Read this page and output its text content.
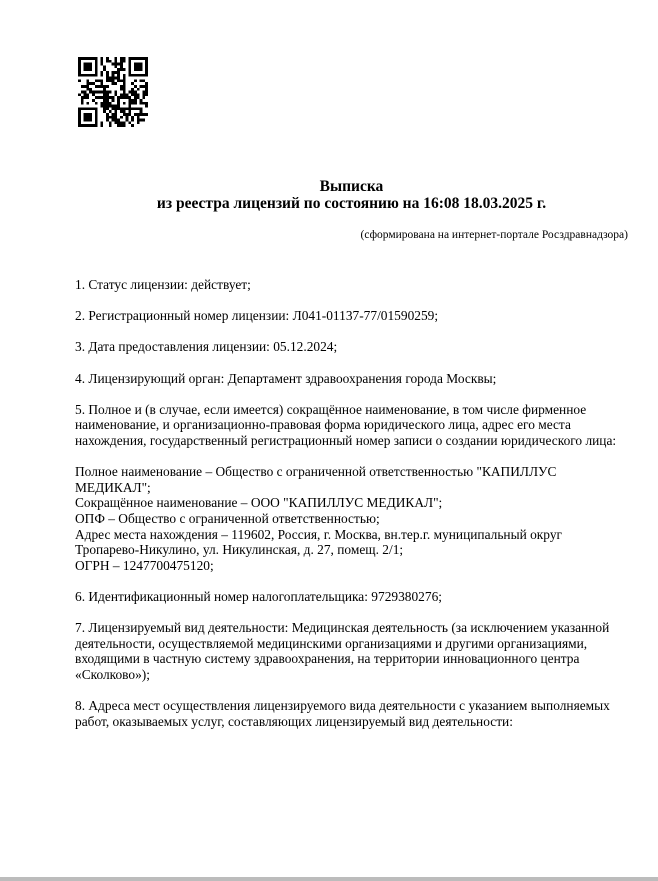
Выписка
из реестра лицензий по состоянию на 16:08 18.03.2025 г.
(сформирована на интернет-портале Росздравнадзора)
1. Статус лицензии: действует;
2. Регистрационный номер лицензии: Л041-01137-77/01590259;
3. Дата предоставления лицензии: 05.12.2024;
4. Лицензирующий орган: Департамент здравоохранения города Москвы;
5. Полное и (в случае, если имеется) сокращённое наименование, в том числе фирменное наименование, и организационно-правовая форма юридического лица, адрес его места нахождения, государственный регистрационный номер записи о создании юридического лица:
Полное наименование – Общество с ограниченной ответственностью "КАПИЛЛУС МЕДИКАЛ";
Сокращённое наименование – ООО "КАПИЛЛУС МЕДИКАЛ";
ОПФ – Общество с ограниченной ответственностью;
Адрес места нахождения – 119602, Россия, г. Москва, вн.тер.г. муниципальный округ Тропарево-Никулино, ул. Никулинская, д. 27, помещ. 2/1;
ОГРН – 1247700475120;
6. Идентификационный номер налогоплательщика: 9729380276;
7. Лицензируемый вид деятельности: Медицинская деятельность (за исключением указанной деятельности, осуществляемой медицинскими организациями и другими организациями, входящими в частную систему здравоохранения, на территории инновационного центра «Сколково»);
8. Адреса мест осуществления лицензируемого вида деятельности с указанием выполняемых работ, оказываемых услуг, составляющих лицензируемый вид деятельности:
